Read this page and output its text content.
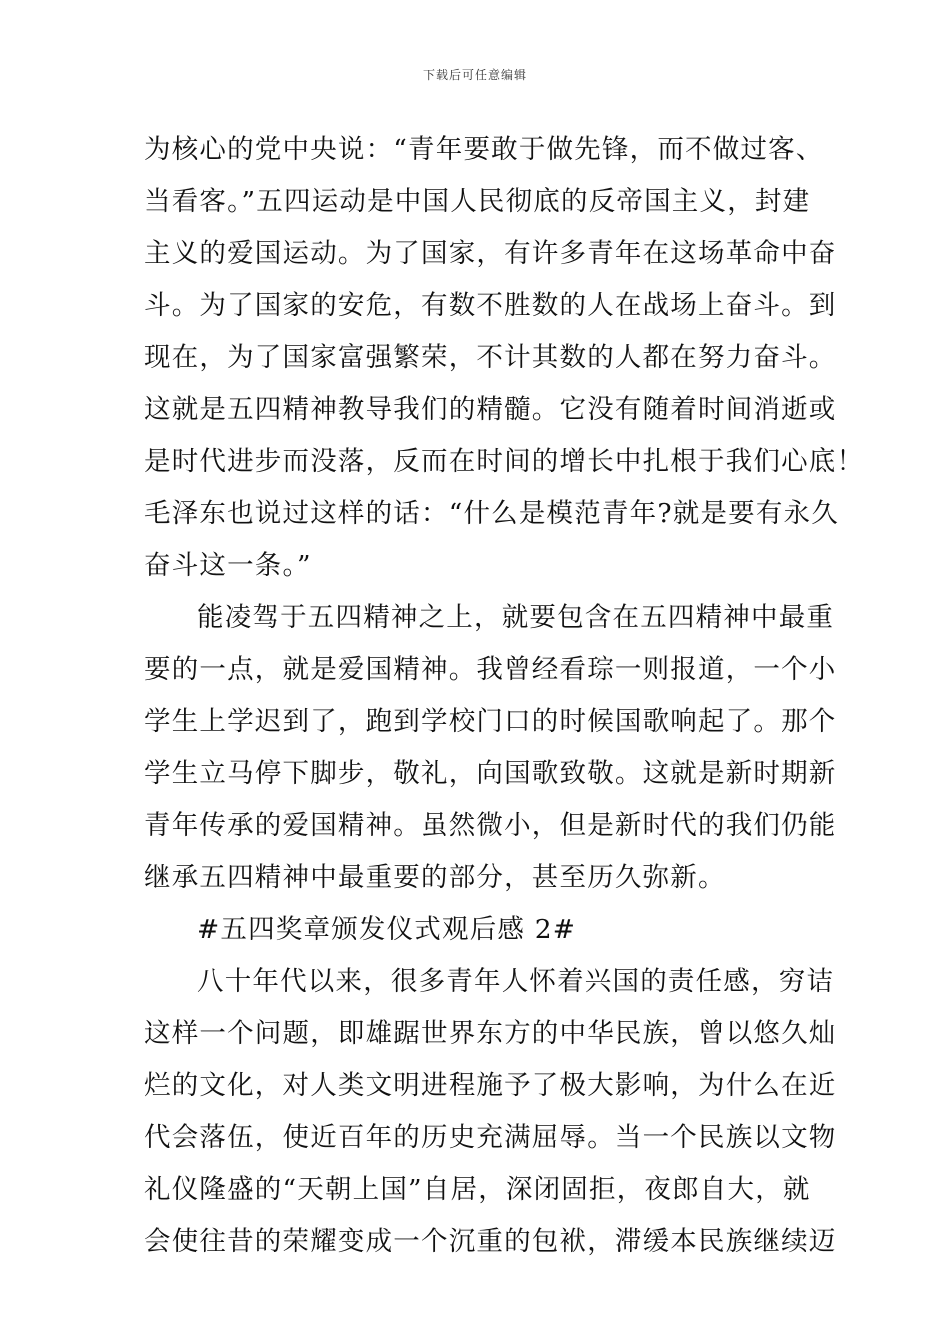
下载后可任意编辑
为核心的党中央说：“青年要敢于做先锋，而不做过客、
当看客。”五四运动是中国人民彻底的反帝国主义，封建
主义的爱国运动。为了国家，有许多青年在这场革命中奋
斗。为了国家的安危，有数不胜数的人在战场上奋斗。到
现在，为了国家富强繁荣，不计其数的人都在努力奋斗。
这就是五四精神教导我们的精髓。它没有随着时间消逝或
是时代进步而没落，反而在时间的增长中扎根于我们心底！
毛泽东也说过这样的话：“什么是模范青年?就是要有永久
奋斗这一条。”
能凌驾于五四精神之上，就要包含在五四精神中最重
要的一点，就是爱国精神。我曾经看琮一则报道，一个小
学生上学迟到了，跑到学校门口的时候国歌响起了。那个
学生立马停下脚步，敬礼，向国歌致敬。这就是新时期新
青年传承的爱国精神。虽然微小，但是新时代的我们仍能
继承五四精神中最重要的部分，甚至历久弥新。
#五四奖章颁发仪式观后感 2#
八十年代以来，很多青年人怀着兴国的责任感，穷诘
这样一个问题，即雄踞世界东方的中华民族，曾以悠久灿
烂的文化，对人类文明进程施予了极大影响，为什么在近
代会落伍，使近百年的历史充满屈辱。当一个民族以文物
礼仪隆盛的“天朝上国”自居，深闭固拒，夜郎自大，就
会使往昔的荣耀变成一个沉重的包袱，滞缓本民族继续迈
